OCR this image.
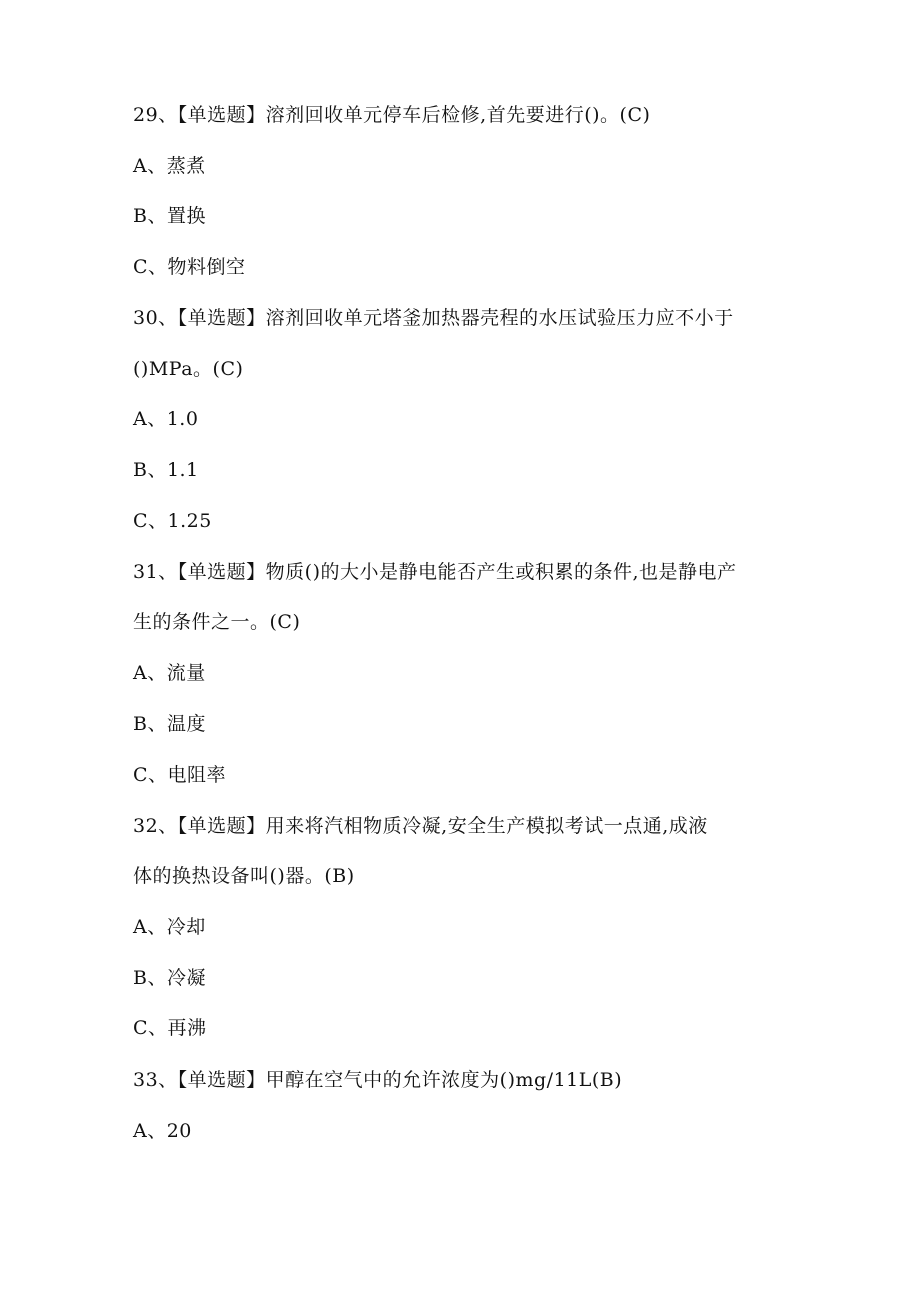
29、【单选题】溶剂回收单元停车后检修,首先要进行()。(C)
A、蒸煮
B、置换
C、物料倒空
30、【单选题】溶剂回收单元塔釜加热器壳程的水压试验压力应不小于
()MPa。(C)
A、1.0
B、1.1
C、1.25
31、【单选题】物质()的大小是静电能否产生或积累的条件,也是静电产
生的条件之一。(C)
A、流量
B、温度
C、电阻率
32、【单选题】用来将汽相物质冷凝,安全生产模拟考试一点通,成液
体的换热设备叫()器。(B)
A、冷却
B、冷凝
C、再沸
33、【单选题】甲醇在空气中的允许浓度为()mg/11L(B)
A、20
